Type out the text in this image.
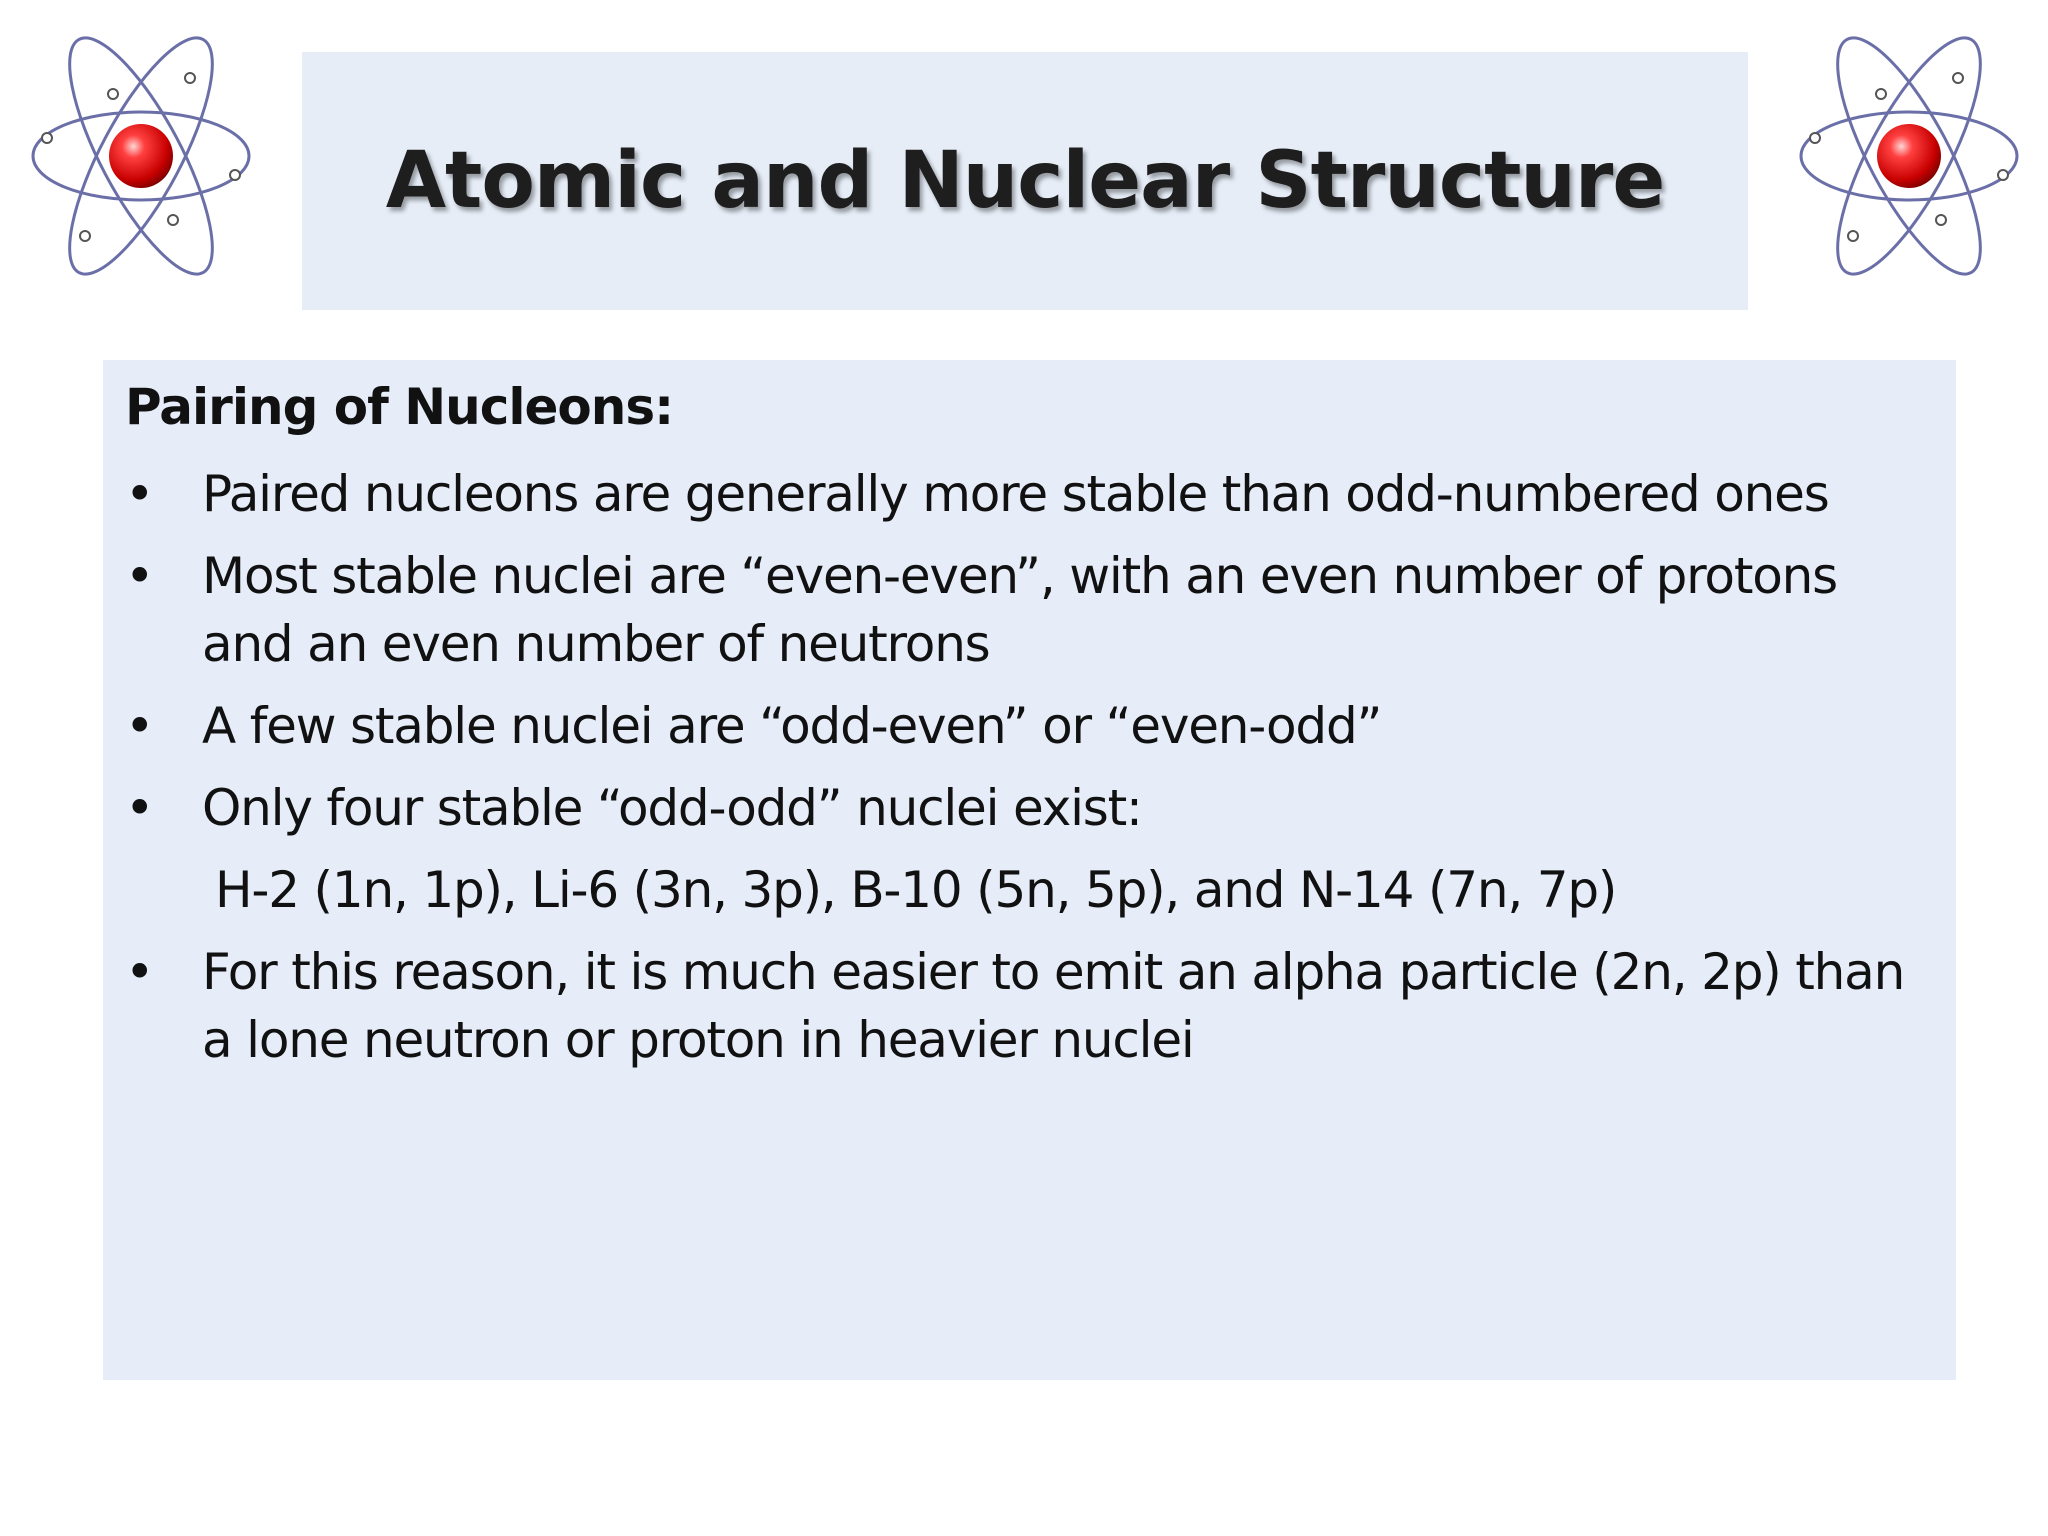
Atomic and Nuclear Structure
Pairing of Nucleons:
• Paired nucleons are generally more stable than odd-numbered ones
• Most stable nuclei are “even-even”, with an even number of protons and an even number of neutrons
• A few stable nuclei are “odd-even” or “even-odd”
• Only four stable “odd-odd” nuclei exist:
H-2 (1n, 1p), Li-6 (3n, 3p), B-10 (5n, 5p), and N-14 (7n, 7p)
• For this reason, it is much easier to emit an alpha particle (2n, 2p) than a lone neutron or proton in heavier nuclei
